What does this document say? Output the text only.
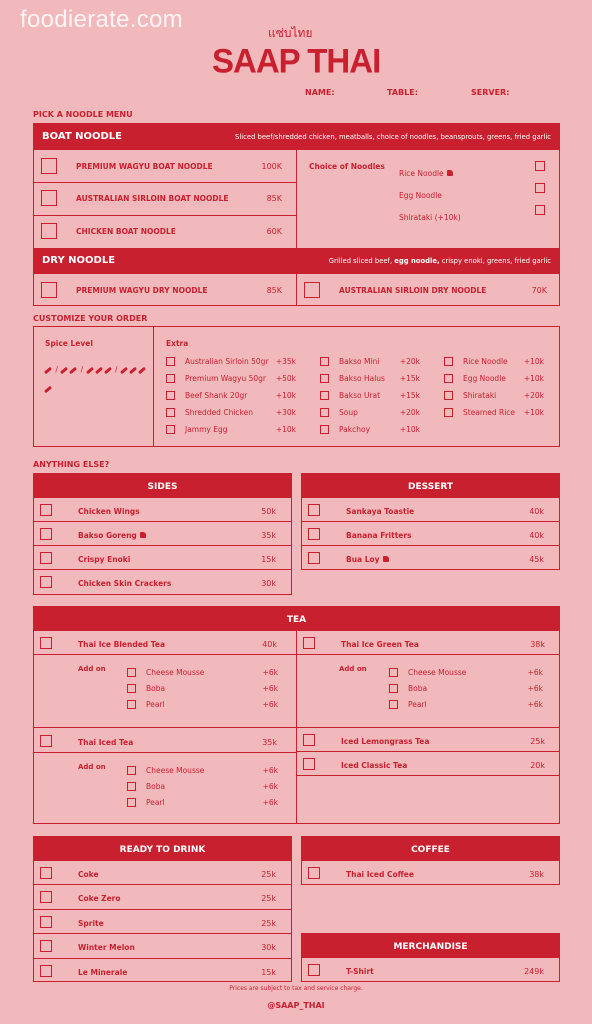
foodierate.com	แซ่บไทย
SAAP THAI
NAME:	TABLE:	SERVER:
PICK A NOODLE MENU
BOAT NOODLE	Sliced beef/shredded chicken, meatballs, choice of noodles, beansprouts, greens, fried garlic
PREMIUM WAGYU BOAT NOODLE	100K
AUSTRALIAN SIRLOIN BOAT NOODLE	85K
CHICKEN BOAT NOODLE	60K
Choice of Noodles
Rice Noodle
Egg Noodle
Shirataki (+10k)
DRY NOODLE	Grilled sliced beef, egg noodle, crispy enoki, greens, fried garlic
PREMIUM WAGYU DRY NOODLE	85K	AUSTRALIAN SIRLOIN DRY NOODLE	70K
CUSTOMIZE YOUR ORDER
Spice Level
/  /	/
Extra
Australian Sirloin 50gr +35k
Premium Wagyu 50gr +50k
Beef Shank 20gr	+10k
Shredded Chicken	+30k
Jammy Egg	+10k
Bakso Mini	+20k
Bakso Halus +15k
Bakso Urat	+15k
Soup	+20k
Pakchoy	+10k
Rice Noodle +10k
Egg Noodle +10k
Shirataki	+20k
Steamed Rice +10k
ANYTHING ELSE?
SIDES
Chicken Wings	50k
Bakso Goreng	35k
Crispy Enoki	15k
Chicken Skin Crackers	30k
DESSERT
Sankaya Toastie	40k
Banana Fritters	40k
Bua Loy	45k
TEA
Thai Ice Blended Tea	40k
Add on	Cheese Mousse	+6k
Boba	+6k
Pearl	+6k
Thai Iced Tea	35k
Add on	Cheese Mousse	+6k
Boba	+6k
Pearl	+6k
Thai Ice Green Tea	38k
Add on	Cheese Mousse	+6k
Boba	+6k
Pearl	+6k
Iced Lemongrass Tea	25k
Iced Classic Tea	20k
READY TO DRINK
Coke	25k
Coke Zero	25k
Sprite	25k
Winter Melon	30k
Le Minerale	15k
COFFEE
Thai Iced Coffee	38k
MERCHANDISE
T-Shirt	249k
Prices are subject to tax and service charge.
@SAAP_THAI
